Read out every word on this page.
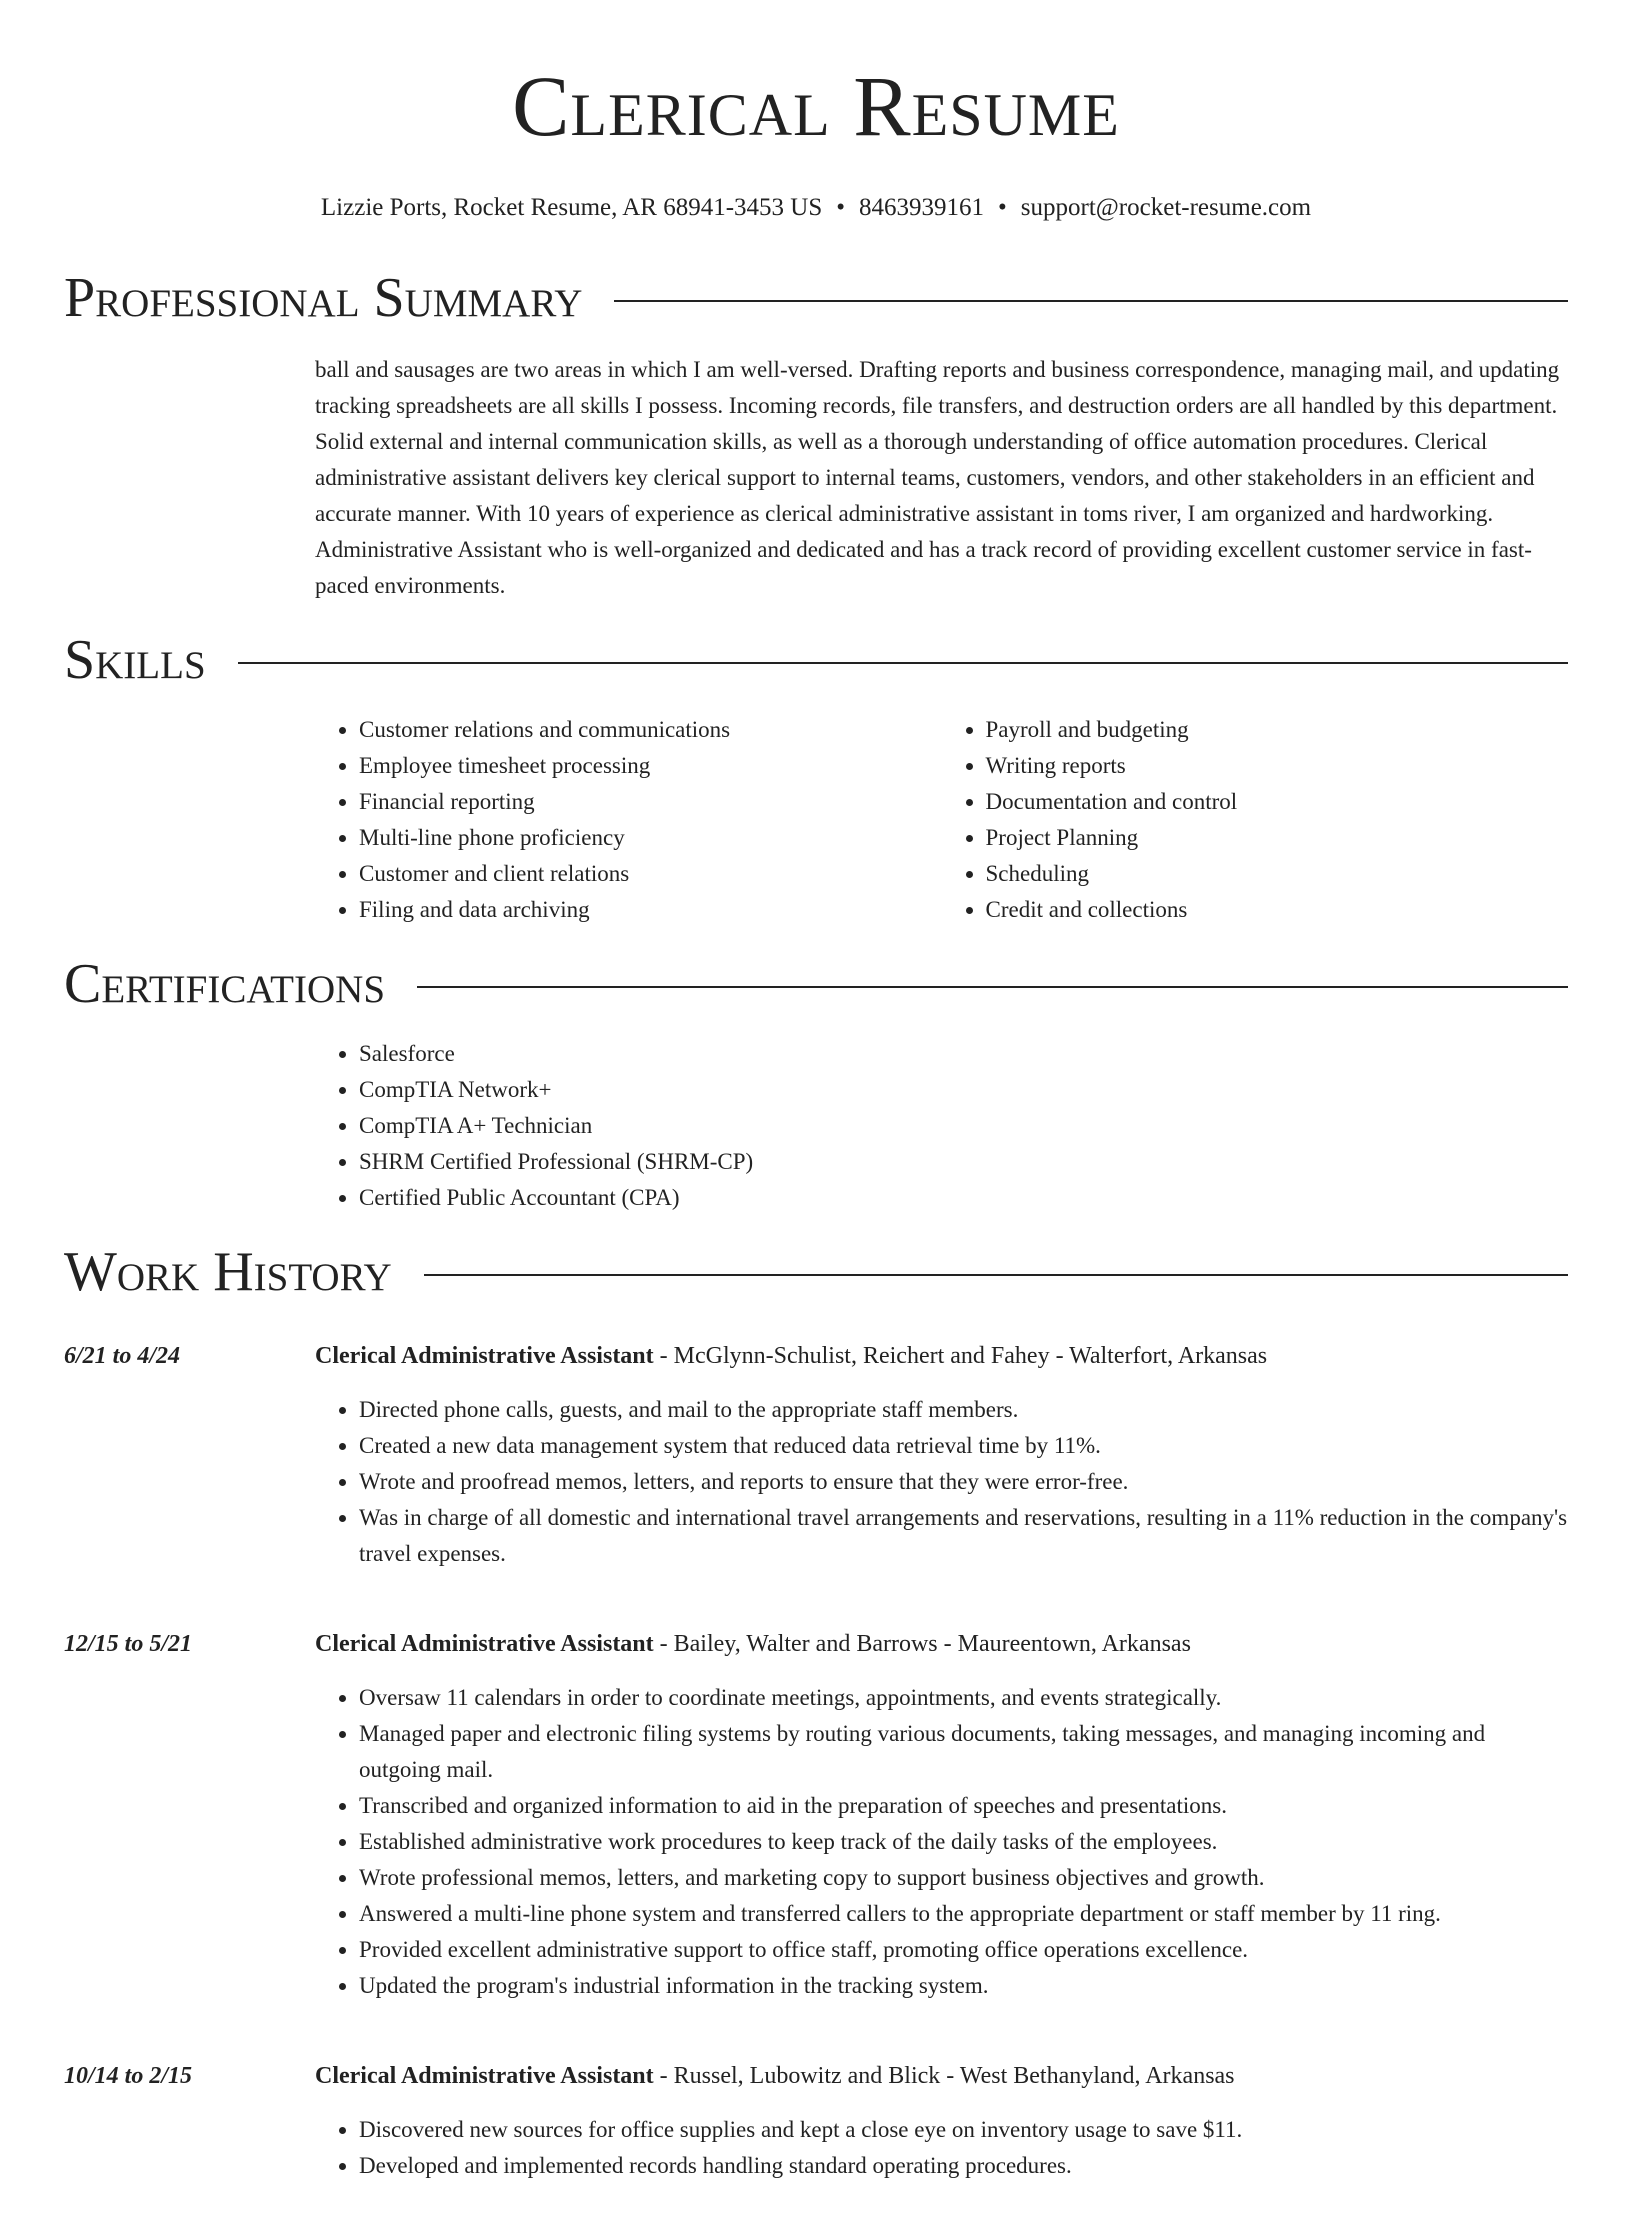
Clerical Resume
Lizzie Ports, Rocket Resume, AR 68941-3453 US • 8463939161 • support@rocket-resume.com
Professional Summary
ball and sausages are two areas in which I am well-versed. Drafting reports and business correspondence, managing mail, and updating tracking spreadsheets are all skills I possess. Incoming records, file transfers, and destruction orders are all handled by this department. Solid external and internal communication skills, as well as a thorough understanding of office automation procedures. Clerical administrative assistant delivers key clerical support to internal teams, customers, vendors, and other stakeholders in an efficient and accurate manner. With 10 years of experience as clerical administrative assistant in toms river, I am organized and hardworking. Administrative Assistant who is well-organized and dedicated and has a track record of providing excellent customer service in fast-paced environments.
Skills
• Customer relations and communications
• Employee timesheet processing
• Financial reporting
• Multi-line phone proficiency
• Customer and client relations
• Filing and data archiving
• Payroll and budgeting
• Writing reports
• Documentation and control
• Project Planning
• Scheduling
• Credit and collections
Certifications
• Salesforce
• CompTIA Network+
• CompTIA A+ Technician
• SHRM Certified Professional (SHRM-CP)
• Certified Public Accountant (CPA)
Work History
6/21 to 4/24	Clerical Administrative Assistant - McGlynn-Schulist, Reichert and Fahey - Walterfort, Arkansas
• Directed phone calls, guests, and mail to the appropriate staff members.
• Created a new data management system that reduced data retrieval time by 11%.
• Wrote and proofread memos, letters, and reports to ensure that they were error-free.
• Was in charge of all domestic and international travel arrangements and reservations, resulting in a 11% reduction in the company's travel expenses.
12/15 to 5/21	Clerical Administrative Assistant - Bailey, Walter and Barrows - Maureentown, Arkansas
• Oversaw 11 calendars in order to coordinate meetings, appointments, and events strategically.
• Managed paper and electronic filing systems by routing various documents, taking messages, and managing incoming and outgoing mail.
• Transcribed and organized information to aid in the preparation of speeches and presentations.
• Established administrative work procedures to keep track of the daily tasks of the employees.
• Wrote professional memos, letters, and marketing copy to support business objectives and growth.
• Answered a multi-line phone system and transferred callers to the appropriate department or staff member by 11 ring.
• Provided excellent administrative support to office staff, promoting office operations excellence.
• Updated the program's industrial information in the tracking system.
10/14 to 2/15	Clerical Administrative Assistant - Russel, Lubowitz and Blick - West Bethanyland, Arkansas
• Discovered new sources for office supplies and kept a close eye on inventory usage to save $11.
• Developed and implemented records handling standard operating procedures.
